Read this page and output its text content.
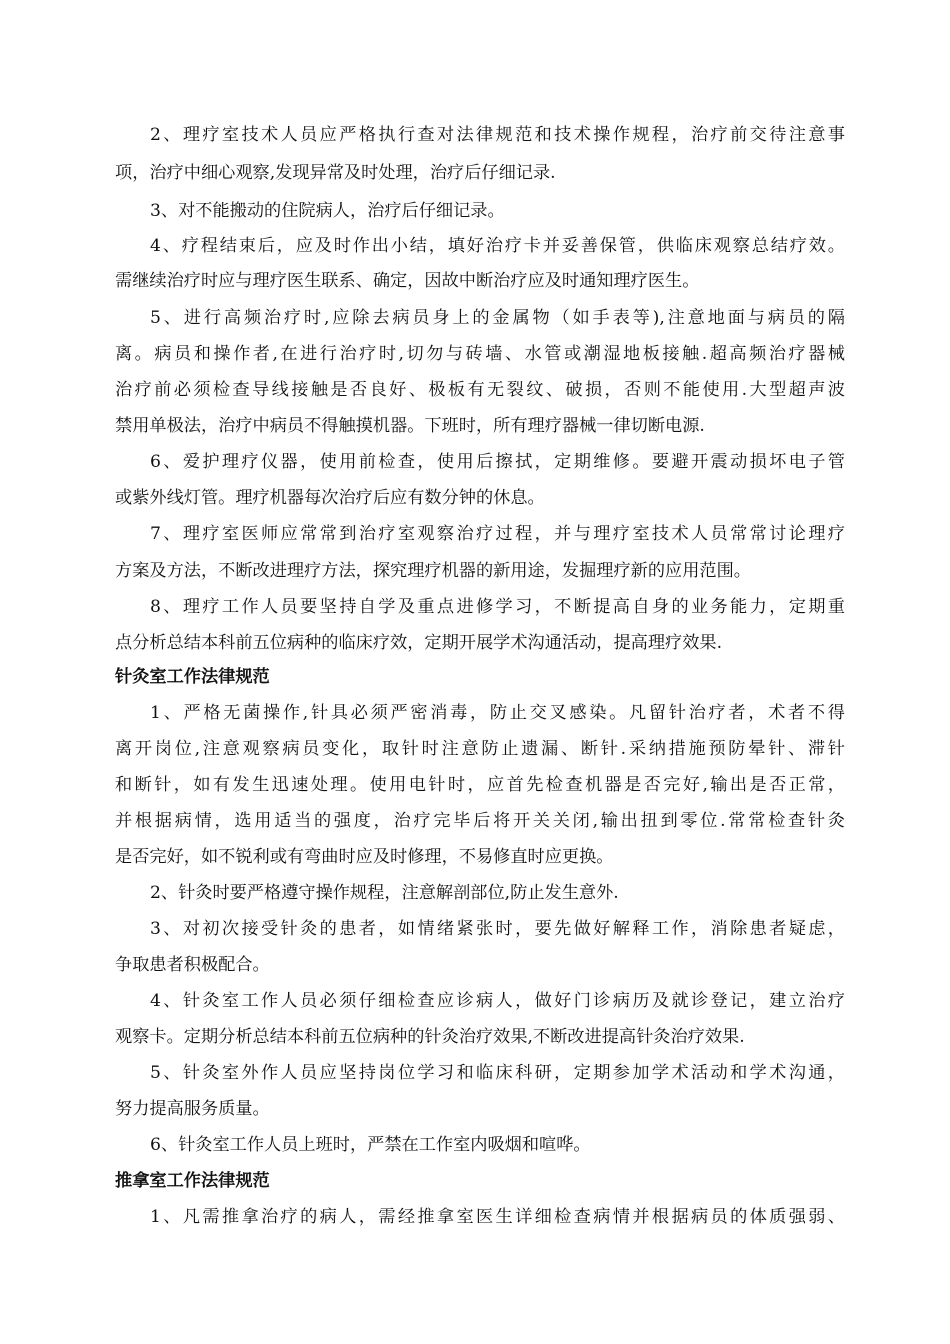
2、理疗室技术人员应严格执行查对法律规范和技术操作规程，治疗前交待注意事
项，治疗中细心观察,发现异常及时处理，治疗后仔细记录.
3、对不能搬动的住院病人，治疗后仔细记录。
4、疗程结束后，应及时作出小结，填好治疗卡并妥善保管，供临床观察总结疗效。
需继续治疗时应与理疗医生联系、确定，因故中断治疗应及时通知理疗医生。
5、进行高频治疗时,应除去病员身上的金属物（如手表等),注意地面与病员的隔
离。病员和操作者,在进行治疗时,切勿与砖墙、水管或潮湿地板接触.超高频治疗器械
治疗前必须检查导线接触是否良好、极板有无裂纹、破损，否则不能使用.大型超声波
禁用单极法，治疗中病员不得触摸机器。下班时，所有理疗器械一律切断电源.
6、爱护理疗仪器，使用前检查，使用后擦拭，定期维修。要避开震动损坏电子管
或紫外线灯管。理疗机器每次治疗后应有数分钟的休息。
7、理疗室医师应常常到治疗室观察治疗过程，并与理疗室技术人员常常讨论理疗
方案及方法，不断改进理疗方法，探究理疗机器的新用途，发掘理疗新的应用范围。
8、理疗工作人员要坚持自学及重点进修学习，不断提高自身的业务能力，定期重
点分析总结本科前五位病种的临床疗效，定期开展学术沟通活动，提高理疗效果.
针灸室工作法律规范
1、严格无菌操作,针具必须严密消毒，防止交叉感染。凡留针治疗者，术者不得
离开岗位,注意观察病员变化，取针时注意防止遗漏、断针.采纳措施预防晕针、滞针
和断针，如有发生迅速处理。使用电针时，应首先检查机器是否完好,输出是否正常，
并根据病情，选用适当的强度，治疗完毕后将开关关闭,输出扭到零位.常常检查针灸
是否完好，如不锐利或有弯曲时应及时修理，不易修直时应更换。
2、针灸时要严格遵守操作规程，注意解剖部位,防止发生意外.
3、对初次接受针灸的患者，如情绪紧张时，要先做好解释工作，消除患者疑虑，
争取患者积极配合。
4、针灸室工作人员必须仔细检查应诊病人，做好门诊病历及就诊登记，建立治疗
观察卡。定期分析总结本科前五位病种的针灸治疗效果,不断改进提高针灸治疗效果.
5、针灸室外作人员应坚持岗位学习和临床科研，定期参加学术活动和学术沟通，
努力提高服务质量。
6、针灸室工作人员上班时，严禁在工作室内吸烟和喧哗。
推拿室工作法律规范
1、凡需推拿治疗的病人，需经推拿室医生详细检查病情并根据病员的体质强弱、
